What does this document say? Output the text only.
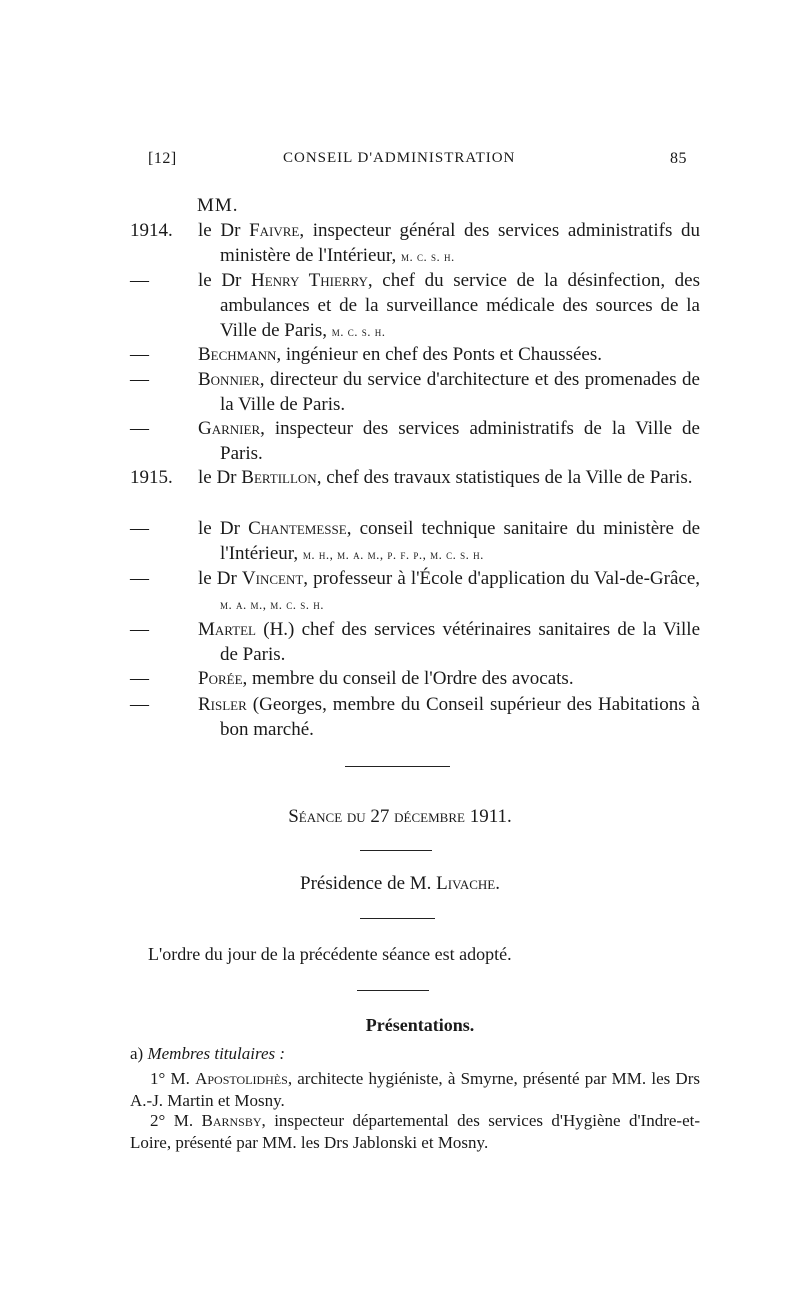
[12]	CONSEIL D'ADMINISTRATION	85
MM.
1914.	le Dr Faivre, inspecteur général des services administratifs du ministère de l'Intérieur, m. c. s. h.
—	le Dr Henry Thierry, chef du service de la désinfection, des ambulances et de la surveillance médicale des sources de la Ville de Paris, m. c. s. h.
—	Bechmann, ingénieur en chef des Ponts et Chaussées.
—	Bonnier, directeur du service d'architecture et des promenades de la Ville de Paris.
—	Garnier, inspecteur des services administratifs de la Ville de Paris.
1915.	le Dr Bertillon, chef des travaux statistiques de la Ville de Paris.
—	le Dr Chantemesse, conseil technique sanitaire du ministère de l'Intérieur, m. h., m. a. m., p. f. p., m. c. s. h.
—	le Dr Vincent, professeur à l'École d'application du Val-de-Grâce, m. a. m., m. c. s. h.
—	Martel (H.) chef des services vétérinaires sanitaires de la Ville de Paris.
—	Porée, membre du conseil de l'Ordre des avocats.
—	Risler (Georges, membre du Conseil supérieur des Habitations à bon marché.
Séance du 27 décembre 1911.
Présidence de M. Livache.
L'ordre du jour de la précédente séance est adopté.
Présentations.
a) Membres titulaires :
1° M. Apostolidhès, architecte hygiéniste, à Smyrne, présenté par MM. les Drs A.-J. Martin et Mosny.
2° M. Barnsby, inspecteur départemental des services d'Hygiène d'Indre-et-Loire, présenté par MM. les Drs Jablonski et Mosny.
